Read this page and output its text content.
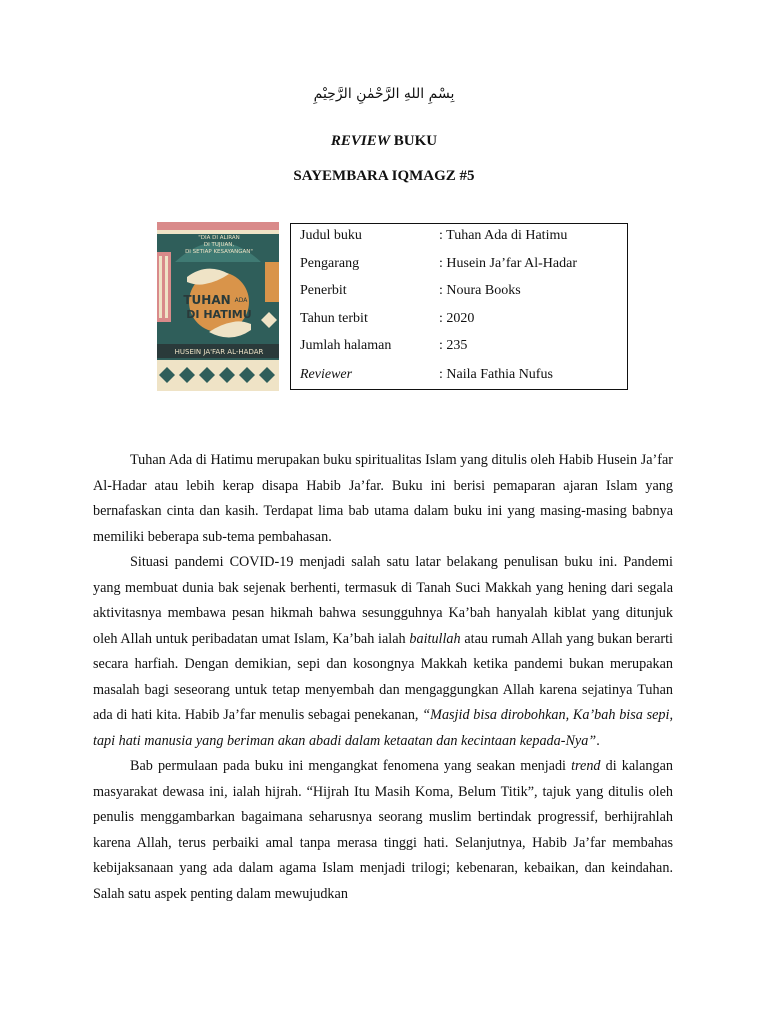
بِسْمِ اللهِ الرَّحْمٰنِ الرَّحِيْمِ
REVIEW BUKU
SAYEMBARA IQMAGZ #5
"DIA DI ALIRAN
DI TUJUAN,
DI SETIAP KESAYANGAN"
TUHAN ADA
DI HATIMU
HUSEIN JA'FAR AL-HADAR
Judul buku	: Tuhan Ada di Hatimu
Pengarang	: Husein Ja’far Al-Hadar
Penerbit	: Noura Books
Tahun terbit	: 2020
Jumlah halaman	: 235
Reviewer	: Naila Fathia Nufus

Tuhan Ada di Hatimu merupakan buku spiritualitas Islam yang ditulis oleh Habib Husein Ja’far Al-Hadar atau lebih kerap disapa Habib Ja’far. Buku ini berisi pemaparan ajaran Islam yang bernafaskan cinta dan kasih. Terdapat lima bab utama dalam buku ini yang masing-masing babnya memiliki beberapa sub-tema pembahasan.

Situasi pandemi COVID-19 menjadi salah satu latar belakang penulisan buku ini. Pandemi yang membuat dunia bak sejenak berhenti, termasuk di Tanah Suci Makkah yang hening dari segala aktivitasnya membawa pesan hikmah bahwa sesungguhnya Ka’bah hanyalah kiblat yang ditunjuk oleh Allah untuk peribadatan umat Islam, Ka’bah ialah baitullah atau rumah Allah yang bukan berarti secara harfiah. Dengan demikian, sepi dan kosongnya Makkah ketika pandemi bukan merupakan masalah bagi seseorang untuk tetap menyembah dan mengaggungkan Allah karena sejatinya Tuhan ada di hati kita. Habib Ja’far menulis sebagai penekanan, “Masjid bisa dirobohkan, Ka’bah bisa sepi, tapi hati manusia yang beriman akan abadi dalam ketaatan dan kecintaan kepada-Nya”.

Bab permulaan pada buku ini mengangkat fenomena yang seakan menjadi trend di kalangan masyarakat dewasa ini, ialah hijrah. “Hijrah Itu Masih Koma, Belum Titik”, tajuk yang ditulis oleh penulis menggambarkan bagaimana seharusnya seorang muslim bertindak progressif, berhijrahlah karena Allah, terus perbaiki amal tanpa merasa tinggi hati. Selanjutnya, Habib Ja’far membahas kebijaksanaan yang ada dalam agama Islam menjadi trilogi; kebenaran, kebaikan, dan keindahan. Salah satu aspek penting dalam mewujudkan
